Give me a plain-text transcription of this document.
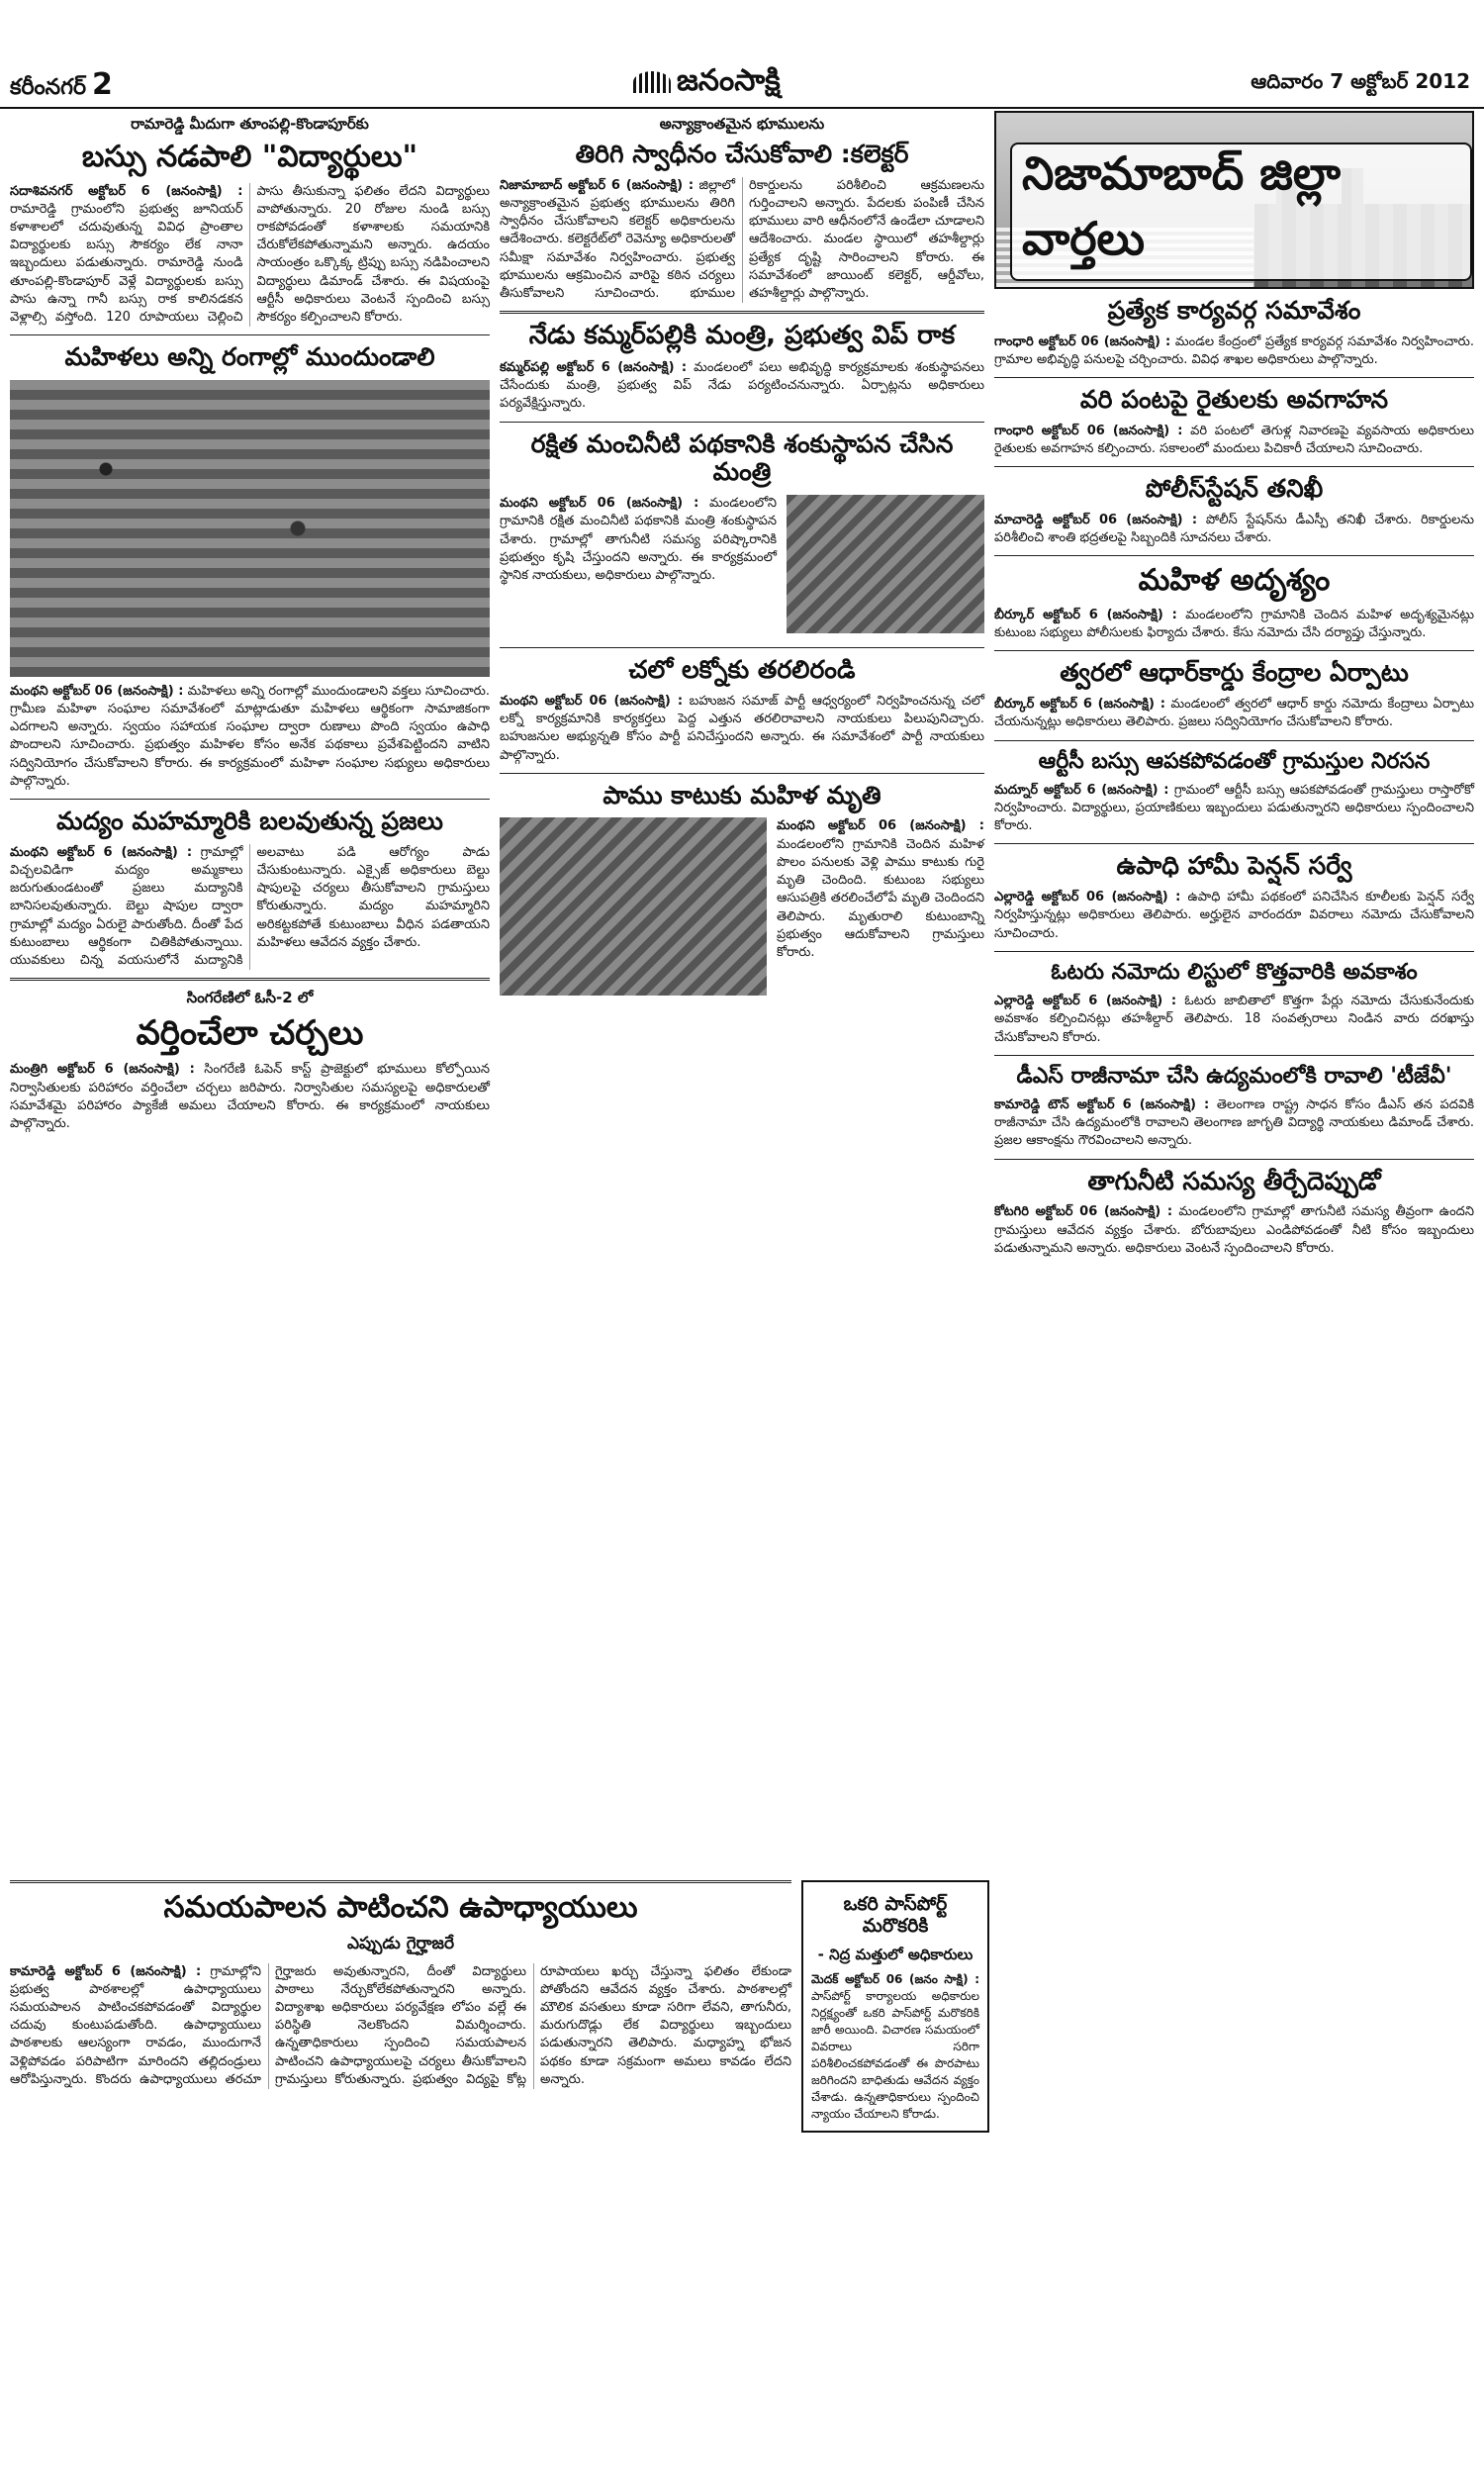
కరీంనగర్ 2	జనంసాక్షి	ఆదివారం 7 అక్టోబర్ 2012
రామారెడ్డి మీదుగా తూంపల్లి-కొండాపూర్‌కు
బస్సు నడపాలి "విద్యార్థులు"
సదాశివనగర్ అక్టోబర్ 6 (జనంసాక్షి) : రామారెడ్డి గ్రామంలోని ప్రభుత్వ జూనియర్ కళాశాలలో చదువుతున్న వివిధ ప్రాంతాల విద్యార్థులకు బస్సు సౌకర్యం లేక నానా ఇబ్బందులు పడుతున్నారు. రామారెడ్డి నుండి తూంపల్లి-కొండాపూర్ వెళ్లే విద్యార్థులకు బస్సు పాసు ఉన్నా గానీ బస్సు రాక కాలినడకన వెళ్లాల్సి వస్తోంది. 120 రూపాయలు చెల్లించి పాసు తీసుకున్నా ఫలితం లేదని విద్యార్థులు వాపోతున్నారు. 20 రోజుల నుండి బస్సు రాకపోవడంతో కళాశాలకు సమయానికి చేరుకోలేకపోతున్నామని అన్నారు. ఉదయం సాయంత్రం ఒక్కొక్క ట్రిప్పు బస్సు నడిపించాలని విద్యార్థులు డిమాండ్ చేశారు. ఈ విషయంపై ఆర్టీసీ అధికారులు వెంటనే స్పందించి బస్సు సౌకర్యం కల్పించాలని కోరారు.
మహిళలు అన్ని రంగాల్లో ముందుండాలి
మంథని అక్టోబర్ 06 (జనంసాక్షి) : మహిళలు అన్ని రంగాల్లో ముందుండాలని వక్తలు సూచించారు. గ్రామీణ మహిళా సంఘాల సమావేశంలో మాట్లాడుతూ మహిళలు ఆర్థికంగా సామాజికంగా ఎదగాలని అన్నారు. స్వయం సహాయక సంఘాల ద్వారా రుణాలు పొంది స్వయం ఉపాధి పొందాలని సూచించారు. ప్రభుత్వం మహిళల కోసం అనేక పథకాలు ప్రవేశపెట్టిందని వాటిని సద్వినియోగం చేసుకోవాలని కోరారు. ఈ కార్యక్రమంలో మహిళా సంఘాల సభ్యులు అధికారులు పాల్గొన్నారు.
మద్యం మహమ్మారికి బలవుతున్న ప్రజలు
మంథని అక్టోబర్ 6 (జనంసాక్షి) : గ్రామాల్లో విచ్చలవిడిగా మద్యం అమ్మకాలు జరుగుతుండటంతో ప్రజలు మద్యానికి బానిసలవుతున్నారు. బెల్టు షాపుల ద్వారా గ్రామాల్లో మద్యం ఏరులై పారుతోంది. దీంతో పేద కుటుంబాలు ఆర్థికంగా చితికిపోతున్నాయి. యువకులు చిన్న వయసులోనే మద్యానికి అలవాటు పడి ఆరోగ్యం పాడు చేసుకుంటున్నారు. ఎక్సైజ్ అధికారులు బెల్టు షాపులపై చర్యలు తీసుకోవాలని గ్రామస్తులు కోరుతున్నారు. మద్యం మహమ్మారిని అరికట్టకపోతే కుటుంబాలు వీధిన పడతాయని మహిళలు ఆవేదన వ్యక్తం చేశారు.
సింగరేణిలో ఓసీ-2 లో
వర్తించేలా చర్చలు
మంత్రిగి అక్టోబర్ 6 (జనంసాక్షి) : సింగరేణి ఓపెన్ కాస్ట్ ప్రాజెక్టులో భూములు కోల్పోయిన నిర్వాసితులకు పరిహారం వర్తించేలా చర్చలు జరిపారు. నిర్వాసితుల సమస్యలపై అధికారులతో సమావేశమై పరిహారం ప్యాకేజీ అమలు చేయాలని కోరారు. ఈ కార్యక్రమంలో నాయకులు పాల్గొన్నారు.
అన్యాక్రాంతమైన భూములను
తిరిగి స్వాధీనం చేసుకోవాలి :కలెక్టర్
నిజామాబాద్ అక్టోబర్ 6 (జనంసాక్షి) : జిల్లాలో అన్యాక్రాంతమైన ప్రభుత్వ భూములను తిరిగి స్వాధీనం చేసుకోవాలని కలెక్టర్ అధికారులను ఆదేశించారు. కలెక్టరేట్‌లో రెవెన్యూ అధికారులతో సమీక్షా సమావేశం నిర్వహించారు. ప్రభుత్వ భూములను ఆక్రమించిన వారిపై కఠిన చర్యలు తీసుకోవాలని సూచించారు. భూముల రికార్డులను పరిశీలించి ఆక్రమణలను గుర్తించాలని అన్నారు. పేదలకు పంపిణీ చేసిన భూములు వారి ఆధీనంలోనే ఉండేలా చూడాలని ఆదేశించారు. మండల స్థాయిలో తహశీల్దార్లు ప్రత్యేక దృష్టి సారించాలని కోరారు. ఈ సమావేశంలో జాయింట్ కలెక్టర్, ఆర్డీవోలు, తహశీల్దార్లు పాల్గొన్నారు.
నేడు కమ్మర్‌పల్లికి మంత్రి, ప్రభుత్వ విప్ రాక
కమ్మర్‌పల్లి అక్టోబర్ 6 (జనంసాక్షి) : మండలంలో పలు అభివృద్ధి కార్యక్రమాలకు శంకుస్థాపనలు చేసేందుకు మంత్రి, ప్రభుత్వ విప్ నేడు పర్యటించనున్నారు. ఏర్పాట్లను అధికారులు పర్యవేక్షిస్తున్నారు.
రక్షిత మంచినీటి పథకానికి శంకుస్థాపన చేసిన మంత్రి
మంథని అక్టోబర్ 06 (జనంసాక్షి) : మండలంలోని గ్రామానికి రక్షిత మంచినీటి పథకానికి మంత్రి శంకుస్థాపన చేశారు. గ్రామాల్లో తాగునీటి సమస్య పరిష్కారానికి ప్రభుత్వం కృషి చేస్తుందని అన్నారు. ఈ కార్యక్రమంలో స్థానిక నాయకులు, అధికారులు పాల్గొన్నారు.
చలో లక్నోకు తరలిరండి
మంథని అక్టోబర్ 06 (జనంసాక్షి) : బహుజన సమాజ్ పార్టీ ఆధ్వర్యంలో నిర్వహించనున్న చలో లక్నో కార్యక్రమానికి కార్యకర్తలు పెద్ద ఎత్తున తరలిరావాలని నాయకులు పిలుపునిచ్చారు. బహుజనుల అభ్యున్నతి కోసం పార్టీ పనిచేస్తుందని అన్నారు. ఈ సమావేశంలో పార్టీ నాయకులు పాల్గొన్నారు.
పాము కాటుకు మహిళ మృతి
మంథని అక్టోబర్ 06 (జనంసాక్షి) : మండలంలోని గ్రామానికి చెందిన మహిళ పొలం పనులకు వెళ్లి పాము కాటుకు గురై మృతి చెందింది. కుటుంబ సభ్యులు ఆసుపత్రికి తరలించేలోపే మృతి చెందిందని తెలిపారు. మృతురాలి కుటుంబాన్ని ప్రభుత్వం ఆదుకోవాలని గ్రామస్తులు కోరారు.
నిజామాబాద్ జిల్లా వార్తలు
ప్రత్యేక కార్యవర్గ సమావేశం
గాంధారి అక్టోబర్ 06 (జనంసాక్షి) : మండల కేంద్రంలో ప్రత్యేక కార్యవర్గ సమావేశం నిర్వహించారు. గ్రామాల అభివృద్ధి పనులపై చర్చించారు. వివిధ శాఖల అధికారులు పాల్గొన్నారు.
వరి పంటపై రైతులకు అవగాహన
గాంధారి అక్టోబర్ 06 (జనంసాక్షి) : వరి పంటలో తెగుళ్ల నివారణపై వ్యవసాయ అధికారులు రైతులకు అవగాహన కల్పించారు. సకాలంలో మందులు పిచికారీ చేయాలని సూచించారు.
పోలీస్‌స్టేషన్ తనిఖీ
మాచారెడ్డి అక్టోబర్ 06 (జనంసాక్షి) : పోలీస్ స్టేషన్‌ను డీఎస్పీ తనిఖీ చేశారు. రికార్డులను పరిశీలించి శాంతి భద్రతలపై సిబ్బందికి సూచనలు చేశారు.
మహిళ అదృశ్యం
బీర్కూర్ అక్టోబర్ 6 (జనంసాక్షి) : మండలంలోని గ్రామానికి చెందిన మహిళ అదృశ్యమైనట్లు కుటుంబ సభ్యులు పోలీసులకు ఫిర్యాదు చేశారు. కేసు నమోదు చేసి దర్యాప్తు చేస్తున్నారు.
త్వరలో ఆధార్‌కార్డు కేంద్రాల ఏర్పాటు
బీర్కూర్ అక్టోబర్ 6 (జనంసాక్షి) : మండలంలో త్వరలో ఆధార్ కార్డు నమోదు కేంద్రాలు ఏర్పాటు చేయనున్నట్లు అధికారులు తెలిపారు. ప్రజలు సద్వినియోగం చేసుకోవాలని కోరారు.
ఆర్టీసీ బస్సు ఆపకపోవడంతో గ్రామస్తుల నిరసన
మద్నూర్ అక్టోబర్ 6 (జనంసాక్షి) : గ్రామంలో ఆర్టీసీ బస్సు ఆపకపోవడంతో గ్రామస్తులు రాస్తారోకో నిర్వహించారు. విద్యార్థులు, ప్రయాణికులు ఇబ్బందులు పడుతున్నారని అధికారులు స్పందించాలని కోరారు.
ఉపాధి హామీ పెన్షన్ సర్వే
ఎల్లారెడ్డి అక్టోబర్ 06 (జనంసాక్షి) : ఉపాధి హామీ పథకంలో పనిచేసిన కూలీలకు పెన్షన్ సర్వే నిర్వహిస్తున్నట్లు అధికారులు తెలిపారు. అర్హులైన వారందరూ వివరాలు నమోదు చేసుకోవాలని సూచించారు.
ఓటరు నమోదు లిస్టులో కొత్తవారికి అవకాశం
ఎల్లారెడ్డి అక్టోబర్ 6 (జనంసాక్షి) : ఓటరు జాబితాలో కొత్తగా పేర్లు నమోదు చేసుకునేందుకు అవకాశం కల్పించినట్లు తహశీల్దార్ తెలిపారు. 18 సంవత్సరాలు నిండిన వారు దరఖాస్తు చేసుకోవాలని కోరారు.
డీఎస్ రాజీనామా చేసి ఉద్యమంలోకి రావాలి 'టీజేవీ'
కామారెడ్డి టౌన్ అక్టోబర్ 6 (జనంసాక్షి) : తెలంగాణ రాష్ట్ర సాధన కోసం డీఎస్ తన పదవికి రాజీనామా చేసి ఉద్యమంలోకి రావాలని తెలంగాణ జాగృతి విద్యార్థి నాయకులు డిమాండ్ చేశారు. ప్రజల ఆకాంక్షను గౌరవించాలని అన్నారు.
తాగునీటి సమస్య తీర్చేదెప్పుడో
కోటగిరి అక్టోబర్ 06 (జనంసాక్షి) : మండలంలోని గ్రామాల్లో తాగునీటి సమస్య తీవ్రంగా ఉందని గ్రామస్తులు ఆవేదన వ్యక్తం చేశారు. బోరుబావులు ఎండిపోవడంతో నీటి కోసం ఇబ్బందులు పడుతున్నామని అన్నారు. అధికారులు వెంటనే స్పందించాలని కోరారు.
సమయపాలన పాటించని ఉపాధ్యాయులు
ఎప్పుడు గైర్హాజరే
కామారెడ్డి అక్టోబర్ 6 (జనంసాక్షి) : గ్రామాల్లోని ప్రభుత్వ పాఠశాలల్లో ఉపాధ్యాయులు సమయపాలన పాటించకపోవడంతో విద్యార్థుల చదువు కుంటుపడుతోంది. ఉపాధ్యాయులు పాఠశాలకు ఆలస్యంగా రావడం, ముందుగానే వెళ్లిపోవడం పరిపాటిగా మారిందని తల్లిదండ్రులు ఆరోపిస్తున్నారు. కొందరు ఉపాధ్యాయులు తరచూ గైర్హాజరు అవుతున్నారని, దీంతో విద్యార్థులు పాఠాలు నేర్చుకోలేకపోతున్నారని అన్నారు. విద్యాశాఖ అధికారులు పర్యవేక్షణ లోపం వల్లే ఈ పరిస్థితి నెలకొందని విమర్శించారు. ఉన్నతాధికారులు స్పందించి సమయపాలన పాటించని ఉపాధ్యాయులపై చర్యలు తీసుకోవాలని గ్రామస్తులు కోరుతున్నారు. ప్రభుత్వం విద్యపై కోట్ల రూపాయలు ఖర్చు చేస్తున్నా ఫలితం లేకుండా పోతోందని ఆవేదన వ్యక్తం చేశారు. పాఠశాలల్లో మౌలిక వసతులు కూడా సరిగా లేవని, తాగునీరు, మరుగుదొడ్లు లేక విద్యార్థులు ఇబ్బందులు పడుతున్నారని తెలిపారు. మధ్యాహ్న భోజన పథకం కూడా సక్రమంగా అమలు కావడం లేదని అన్నారు.
ఒకరి పాస్‌పోర్ట్ మరొకరికి
- నిద్ర మత్తులో అధికారులు
మెదక్ అక్టోబర్ 06 (జనం సాక్షి) : పాస్‌పోర్ట్ కార్యాలయ అధికారుల నిర్లక్ష్యంతో ఒకరి పాస్‌పోర్ట్ మరొకరికి జారీ అయింది. విచారణ సమయంలో వివరాలు సరిగా పరిశీలించకపోవడంతో ఈ పొరపాటు జరిగిందని బాధితుడు ఆవేదన వ్యక్తం చేశాడు. ఉన్నతాధికారులు స్పందించి న్యాయం చేయాలని కోరాడు.
